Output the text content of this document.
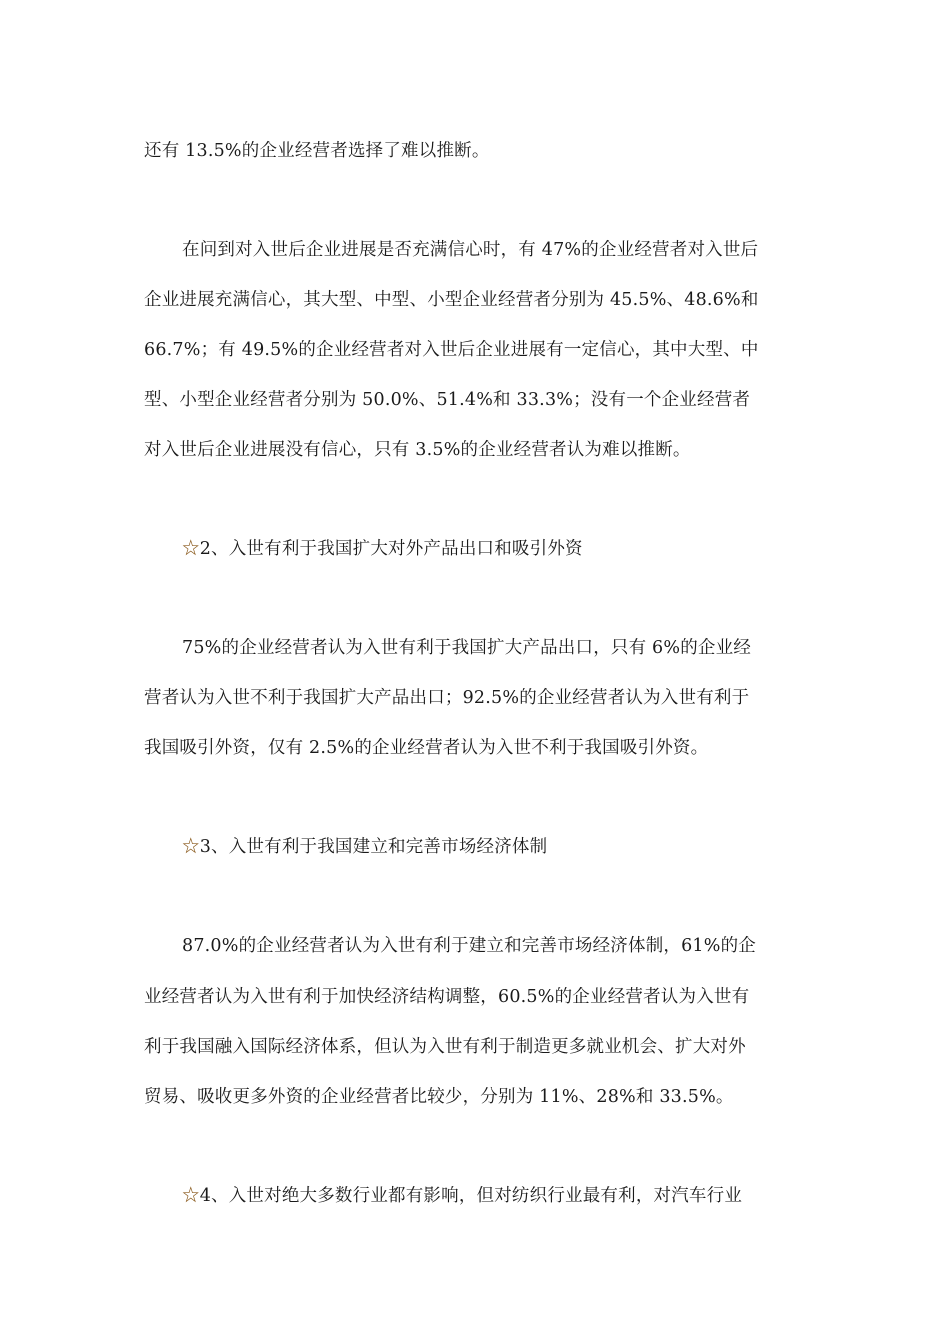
还有 13.5%的企业经营者选择了难以推断。
在问到对入世后企业进展是否充满信心时，有 47%的企业经营者对入世后
企业进展充满信心，其大型、中型、小型企业经营者分别为 45.5%、48.6%和
66.7%；有 49.5%的企业经营者对入世后企业进展有一定信心，其中大型、中
型、小型企业经营者分别为 50.0%、51.4%和 33.3%；没有一个企业经营者
对入世后企业进展没有信心，只有 3.5%的企业经营者认为难以推断。
☆2、入世有利于我国扩大对外产品出口和吸引外资
75%的企业经营者认为入世有利于我国扩大产品出口，只有 6%的企业经
营者认为入世不利于我国扩大产品出口；92.5%的企业经营者认为入世有利于
我国吸引外资，仅有 2.5%的企业经营者认为入世不利于我国吸引外资。
☆3、入世有利于我国建立和完善市场经济体制
87.0%的企业经营者认为入世有利于建立和完善市场经济体制，61%的企
业经营者认为入世有利于加快经济结构调整，60.5%的企业经营者认为入世有
利于我国融入国际经济体系，但认为入世有利于制造更多就业机会、扩大对外
贸易、吸收更多外资的企业经营者比较少，分别为 11%、28%和 33.5%。
☆4、入世对绝大多数行业都有影响，但对纺织行业最有利，对汽车行业
